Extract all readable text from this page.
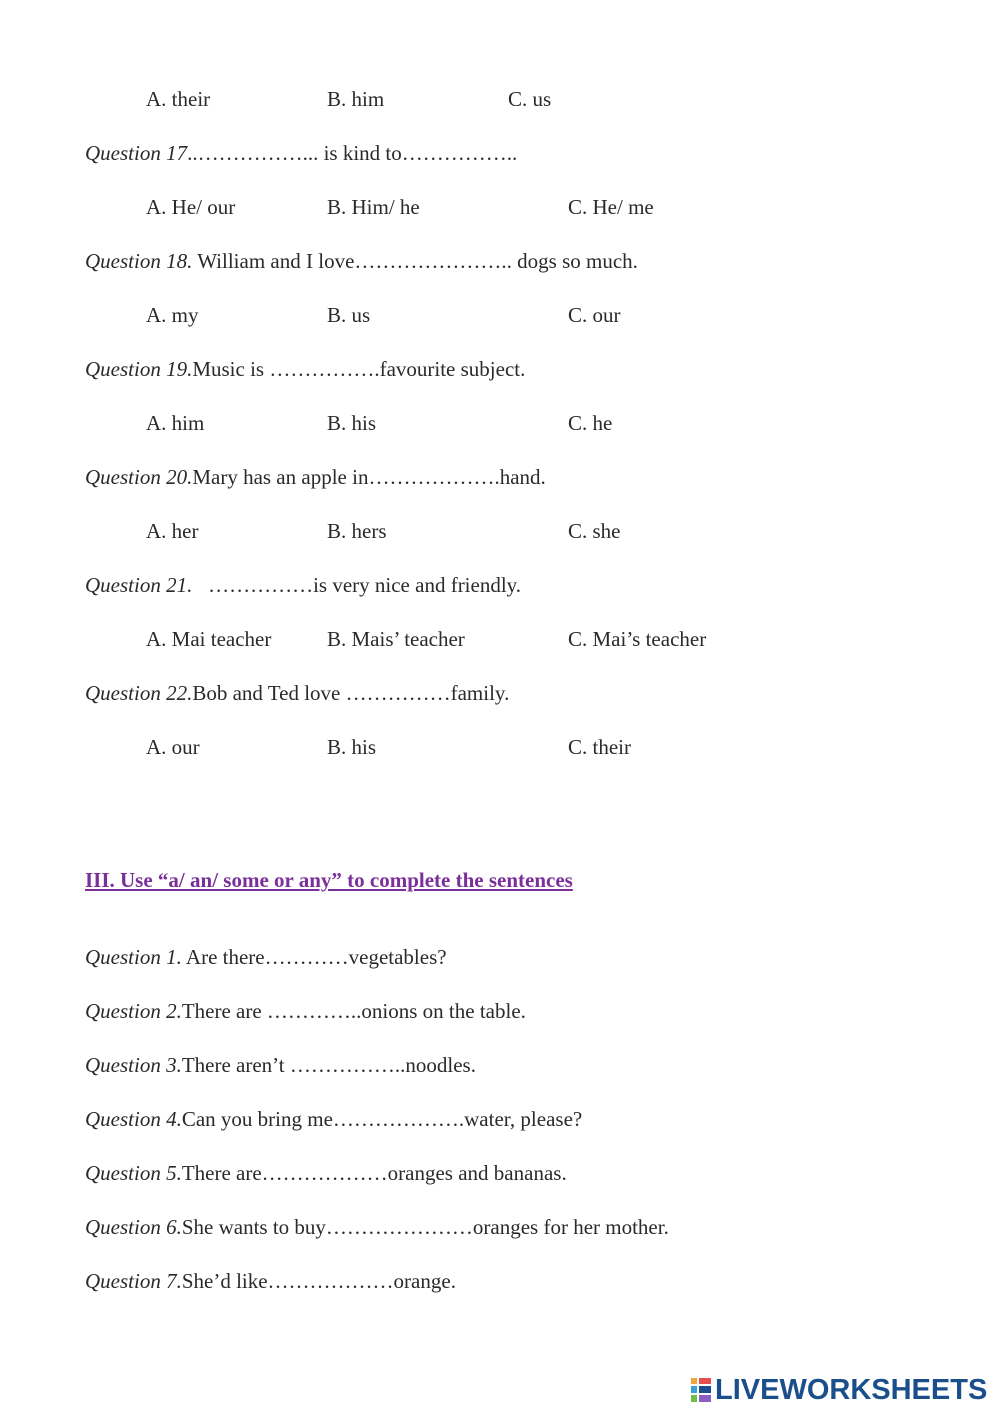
A. their	B. him	C. us
Question 17..……………... is kind to……………..
A. He/ our	B. Him/ he	C. He/ me
Question 18. William and I love………………….. dogs so much.
A. my	B. us	C. our
Question 19.Music is …………….favourite subject.
A. him	B. his	C. he
Question 20.Mary has an apple in……………….hand.
A. her	B. hers	C. she
Question 21.   ……………is very nice and friendly.
A. Mai teacher	B. Mais’ teacher	C. Mai’s teacher
Question 22.Bob and Ted love ……………family.
A. our	B. his	C. their
III. Use “a/ an/ some or any” to complete the sentences
Question 1. Are there…………vegetables?
Question 2.There are …………..onions on the table.
Question 3.There aren’t ……………..noodles.
Question 4.Can you bring me……………….water, please?
Question 5.There are………………oranges and bananas.
Question 6.She wants to buy…………………oranges for her mother.
Question 7.She’d like………………orange.
LIVEWORKSHEETS
